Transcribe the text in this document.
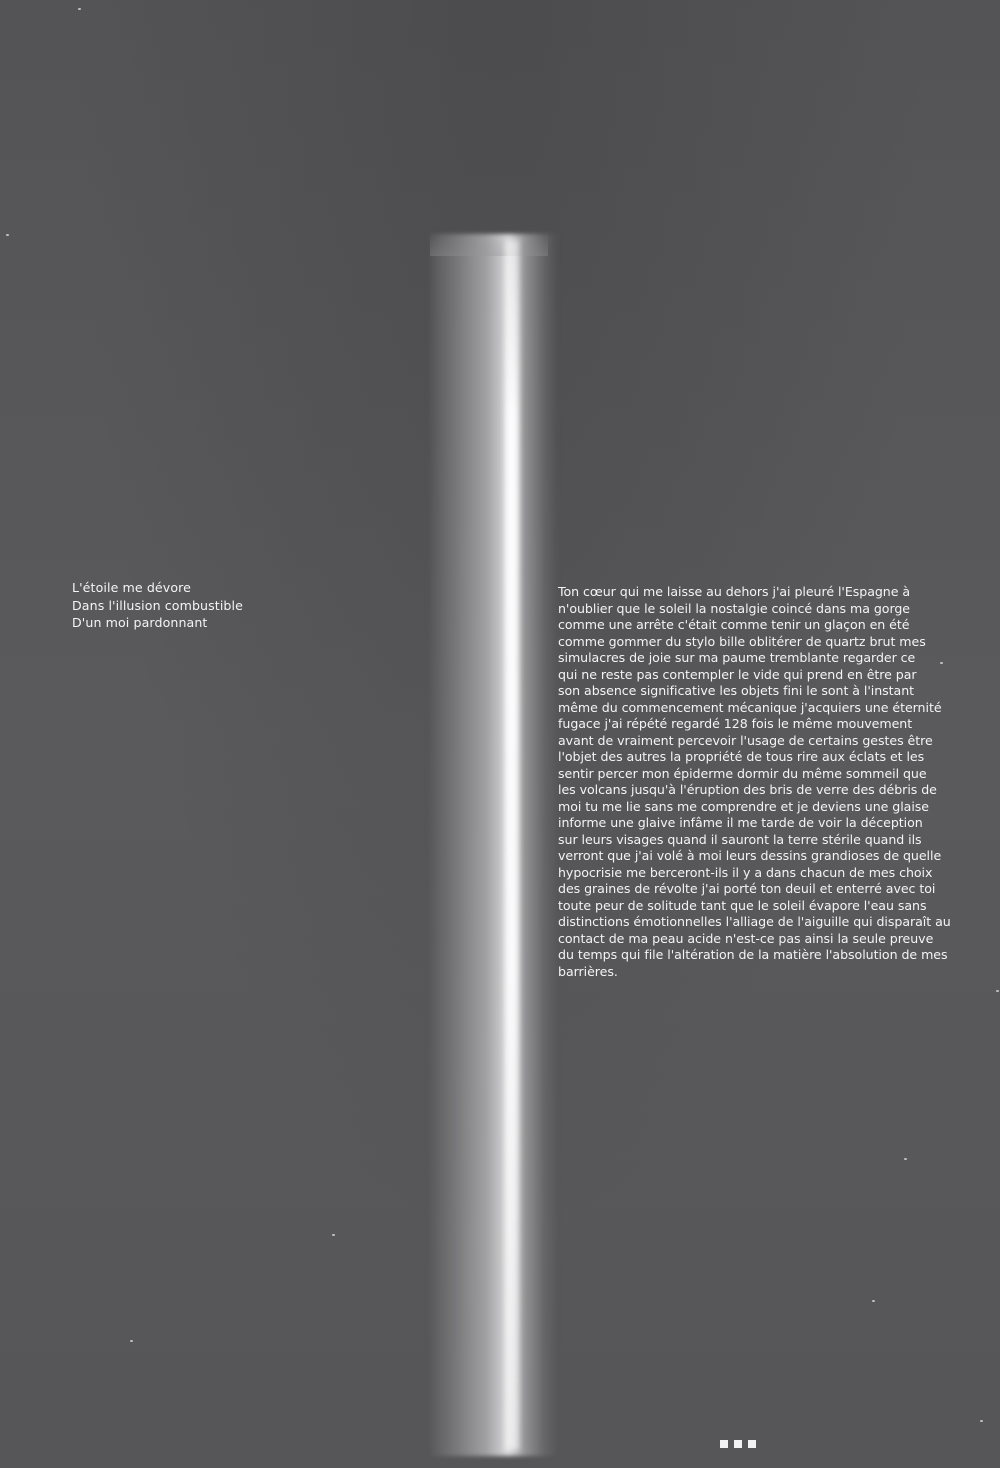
L'étoile me dévore
Dans l'illusion combustible
D'un moi pardonnant
Ton cœur qui me laisse au dehors j'ai pleuré l'Espagne à
n'oublier que le soleil la nostalgie coincé dans ma gorge
comme une arrête c'était comme tenir un glaçon en été
comme gommer du stylo bille oblitérer de quartz brut mes
simulacres de joie sur ma paume tremblante regarder ce
qui ne reste pas contempler le vide qui prend en être par
son absence significative les objets fini le sont à l'instant
même du commencement mécanique j'acquiers une éternité
fugace j'ai répété regardé 128 fois le même mouvement
avant de vraiment percevoir l'usage de certains gestes être
l'objet des autres la propriété de tous rire aux éclats et les
sentir percer mon épiderme dormir du même sommeil que
les volcans jusqu'à l'éruption des bris de verre des débris de
moi tu me lie sans me comprendre et je deviens une glaise
informe une glaive infâme il me tarde de voir la déception
sur leurs visages quand il sauront la terre stérile quand ils
verront que j'ai volé à moi leurs dessins grandioses de quelle
hypocrisie me berceront-ils il y a dans chacun de mes choix
des graines de révolte j'ai porté ton deuil et enterré avec toi
toute peur de solitude tant que le soleil évapore l'eau sans
distinctions émotionnelles l'alliage de l'aiguille qui disparaît au
contact de ma peau acide n'est-ce pas ainsi la seule preuve
du temps qui file l'altération de la matière l'absolution de mes
barrières.
